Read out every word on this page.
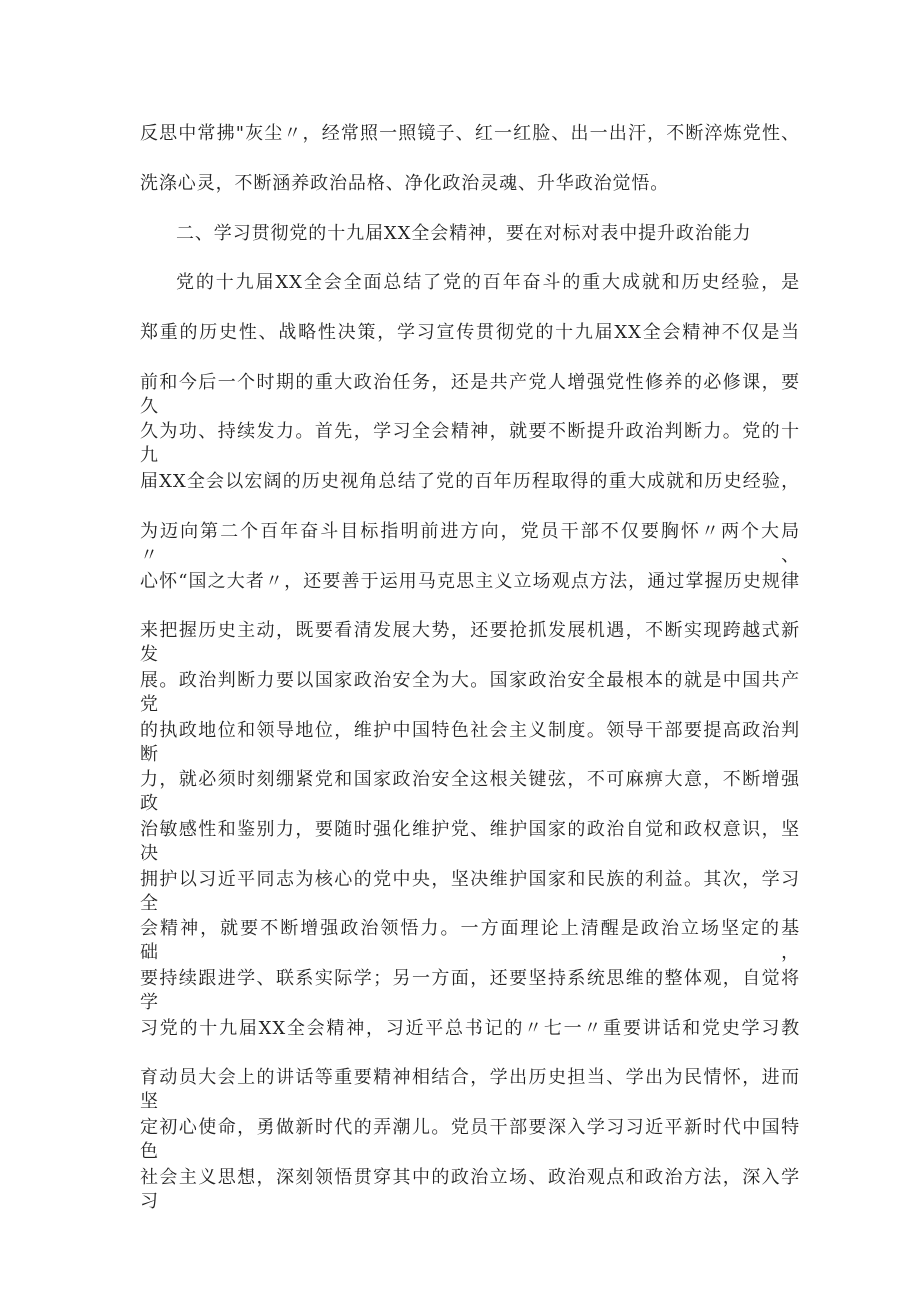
反思中常拂"灰尘〃，经常照一照镜子、红一红脸、出一出汗，不断淬炼党性、

洗涤心灵，不断涵养政治品格、净化政治灵魂、升华政治觉悟。

二、学习贯彻党的十九届XX全会精神，要在对标对表中提升政治能力

党的十九届XX全会全面总结了党的百年奋斗的重大成就和历史经验，是

郑重的历史性、战略性决策，学习宣传贯彻党的十九届XX全会精神不仅是当

前和今后一个时期的重大政治任务，还是共产党人增强党性修养的必修课，要久

久为功、持续发力。首先，学习全会精神，就要不断提升政治判断力。党的十九

届XX全会以宏阔的历史视角总结了党的百年历程取得的重大成就和历史经验，

为迈向第二个百年奋斗目标指明前进方向，党员干部不仅要胸怀〃两个大局〃、

心怀“国之大者〃，还要善于运用马克思主义立场观点方法，通过掌握历史规律

来把握历史主动，既要看清发展大势，还要抢抓发展机遇，不断实现跨越式新发

展。政治判断力要以国家政治安全为大。国家政治安全最根本的就是中国共产党

的执政地位和领导地位，维护中国特色社会主义制度。领导干部要提高政治判断

力，就必须时刻绷紧党和国家政治安全这根关键弦，不可麻痹大意，不断增强政

治敏感性和鉴别力，要随时强化维护党、维护国家的政治自觉和政权意识，坚决

拥护以习近平同志为核心的党中央，坚决维护国家和民族的利益。其次，学习全

会精神，就要不断增强政治领悟力。一方面理论上清醒是政治立场坚定的基础，

要持续跟进学、联系实际学；另一方面，还要坚持系统思维的整体观，自觉将学

习党的十九届XX全会精神，习近平总书记的〃七一〃重要讲话和党史学习教

育动员大会上的讲话等重要精神相结合，学出历史担当、学出为民情怀，进而坚

定初心使命，勇做新时代的弄潮儿。党员干部要深入学习习近平新时代中国特色

社会主义思想，深刻领悟贯穿其中的政治立场、政治观点和政治方法，深入学习
